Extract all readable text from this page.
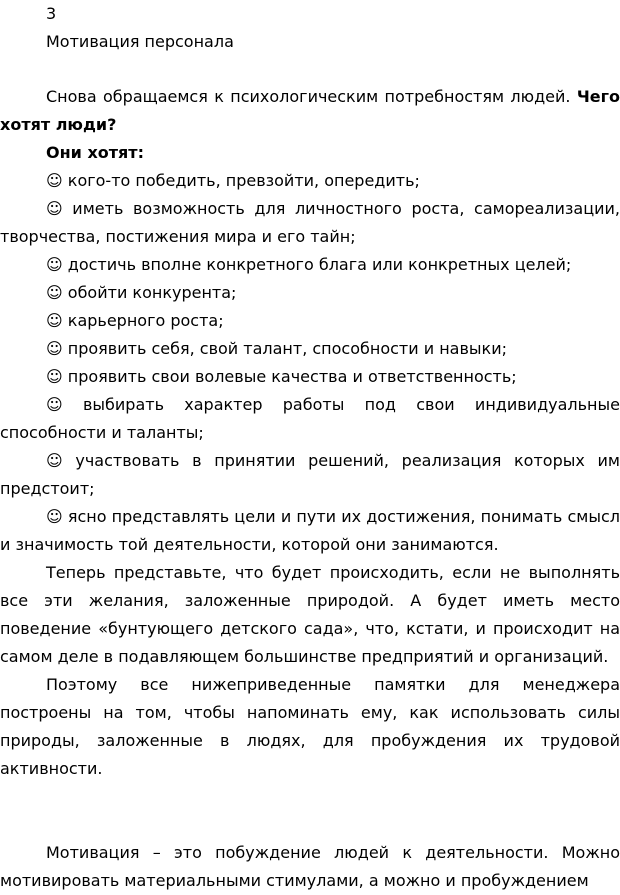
3
Мотивация персонала

Снова обращаемся к психологическим потребностям людей. Чего хотят люди?

Они хотят:

☺ кого-то победить, превзойти, опередить;

☺ иметь возможность для личностного роста, самореализации, творчества, постижения мира и его тайн;

☺ достичь вполне конкретного блага или конкретных целей;

☺ обойти конкурента;

☺ карьерного роста;

☺ проявить себя, свой талант, способности и навыки;

☺ проявить свои волевые качества и ответственность;

☺ выбирать характер работы под свои индивидуальные способности и таланты;

☺ участвовать в принятии решений, реализация которых им предстоит;

☺ ясно представлять цели и пути их достижения, понимать смысл и значимость той деятельности, которой они занимаются.

Теперь представьте, что будет происходить, если не выполнять все эти желания, заложенные природой. А будет иметь место поведение «бунтующего детского сада», что, кстати, и происходит на самом деле в подавляющем большинстве предприятий и организаций.

Поэтому все нижеприведенные памятки для менеджера построены на том, чтобы напоминать ему, как использовать силы природы, заложенные в людях, для пробуждения их трудовой активности.

Мотивация – это побуждение людей к деятельности. Можно мотивировать материальными стимулами, а можно и пробуждением
